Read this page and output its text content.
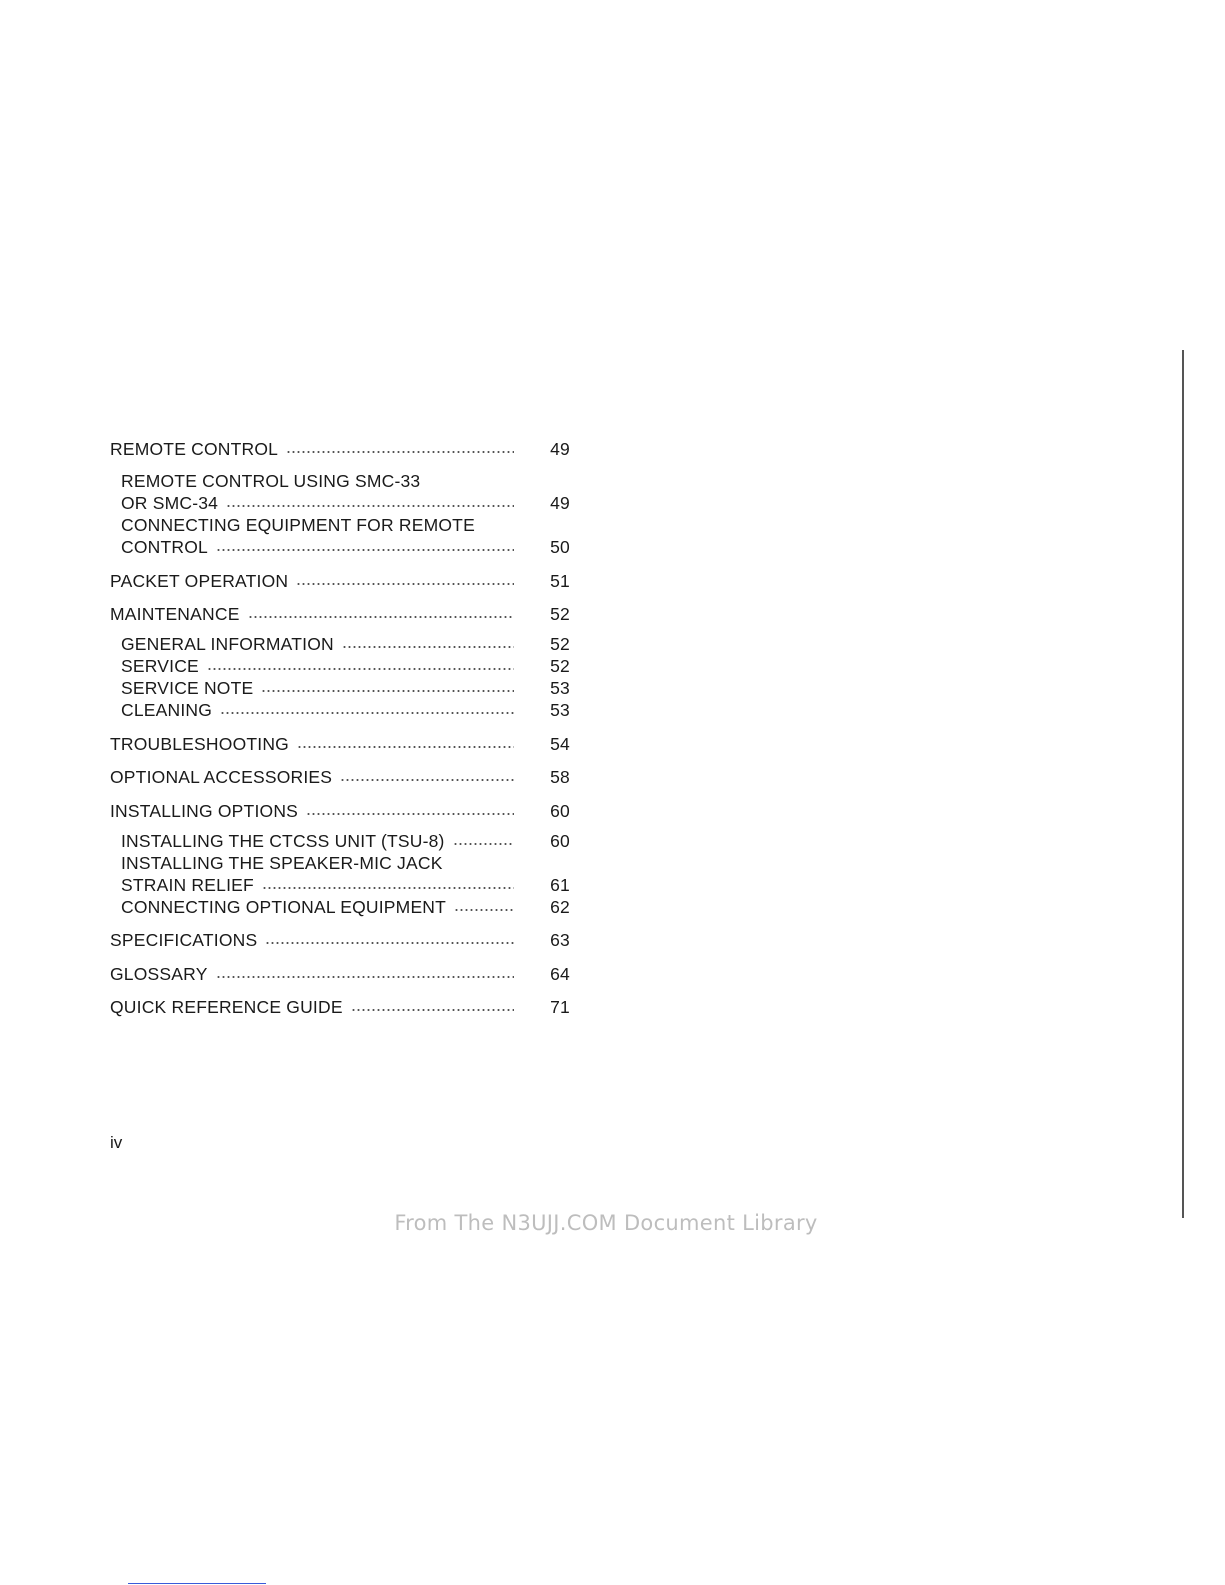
REMOTE CONTROL	49
REMOTE CONTROL USING SMC-33
OR SMC-34	49
CONNECTING EQUIPMENT FOR REMOTE
CONTROL	50
PACKET OPERATION	51
MAINTENANCE	52
GENERAL INFORMATION	52
SERVICE	52
SERVICE NOTE	53
CLEANING	53
TROUBLESHOOTING	54
OPTIONAL ACCESSORIES	58
INSTALLING OPTIONS	60
INSTALLING THE CTCSS UNIT (TSU-8)	60
INSTALLING THE SPEAKER-MIC JACK
STRAIN RELIEF	61
CONNECTING OPTIONAL EQUIPMENT	62
SPECIFICATIONS	63
GLOSSARY	64
QUICK REFERENCE GUIDE	71
iv
From The N3UJJ.COM Document Library
